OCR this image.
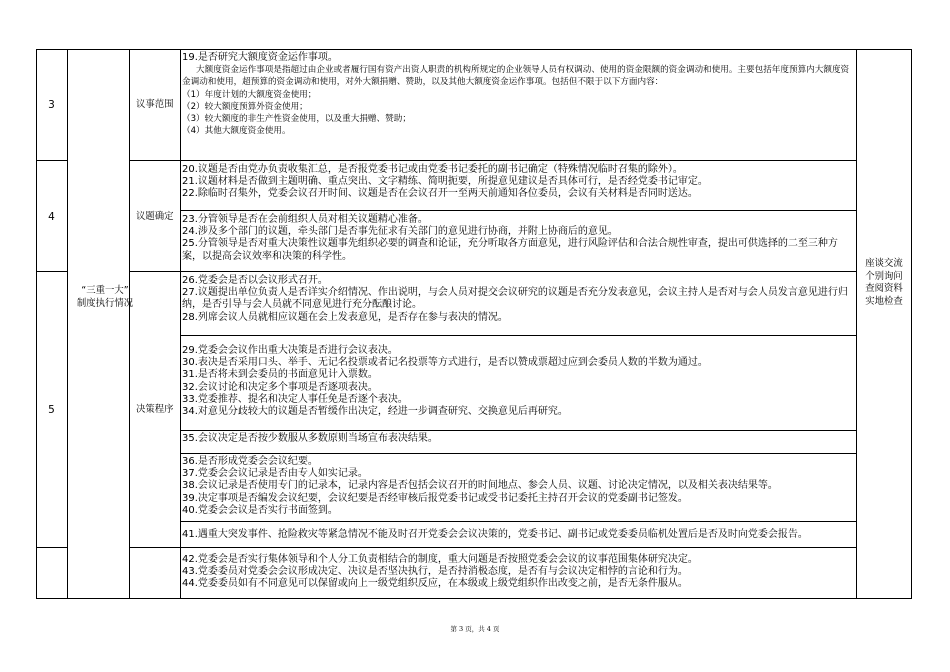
3
4
5
“三重一大”
制度执行情况
议事范围
议题确定
决策程序
座谈交流
个别询问
查阅资料
实地检查
19.是否研究大额度资金运作事项。
大额度资金运作事项是指超过由企业或者履行国有资产出资人职责的机构所规定的企业领导人员有权调动、使用的资金限额的资金调动和使用。主要包括年度预算内大额度资金调动和使用，超预算的资金调动和使用，对外大额捐赠、赞助，以及其他大额度资金运作事项。包括但不限于以下方面内容：
（1）年度计划的大额度资金使用；
（2）较大额度预算外资金使用；
（3）较大额度的非生产性资金使用，以及重大捐赠、赞助；
（4）其他大额度资金使用。
20.议题是否由党办负责收集汇总，是否报党委书记或由党委书记委托的副书记确定（特殊情况临时召集的除外）。
21.议题材料是否做到主题明确、重点突出、文字精练、简明扼要，所提意见建议是否具体可行，是否经党委书记审定。
22.除临时召集外，党委会议召开时间、议题是否在会议召开一至两天前通知各位委员，会议有关材料是否同时送达。
23.分管领导是否在会前组织人员对相关议题精心准备。
24.涉及多个部门的议题，牵头部门是否事先征求有关部门的意见进行协商，并附上协商后的意见。
25.分管领导是否对重大决策性议题事先组织必要的调查和论证，充分听取各方面意见，进行风险评估和合法合规性审查，提出可供选择的二至三种方案，以提高会议效率和决策的科学性。
26.党委会是否以会议形式召开。
27.议题提出单位负责人是否详实介绍情况、作出说明，与会人员对提交会议研究的议题是否充分发表意见，会议主持人是否对与会人员发言意见进行归纳，是否引导与会人员就不同意见进行充分酝酿讨论。
28.列席会议人员就相应议题在会上发表意见，是否存在参与表决的情况。
29.党委会会议作出重大决策是否进行会议表决。
30.表决是否采用口头、举手、无记名投票或者记名投票等方式进行，是否以赞成票超过应到会委员人数的半数为通过。
31.是否将未到会委员的书面意见计入票数。
32.会议讨论和决定多个事项是否逐项表决。
33.党委推荐、提名和决定人事任免是否逐个表决。
34.对意见分歧较大的议题是否暂缓作出决定，经进一步调查研究、交换意见后再研究。
35.会议决定是否按少数服从多数原则当场宣布表决结果。
36.是否形成党委会会议纪要。
37.党委会会议记录是否由专人如实记录。
38.会议记录是否使用专门的记录本，记录内容是否包括会议召开的时间地点、参会人员、议题、讨论决定情况，以及相关表决结果等。
39.决定事项是否编发会议纪要，会议纪要是否经审核后报党委书记或受书记委托主持召开会议的党委副书记签发。
40.党委会会议是否实行书面签到。
41.遇重大突发事件、抢险救灾等紧急情况不能及时召开党委会会议决策的，党委书记、副书记或党委委员临机处置后是否及时向党委会报告。
42.党委会是否实行集体领导和个人分工负责相结合的制度，重大问题是否按照党委会会议的议事范围集体研究决定。
43.党委委员对党委会会议形成决定、决议是否坚决执行，是否持消极态度，是否有与会议决定相悖的言论和行为。
44.党委委员如有不同意见可以保留或向上一级党组织反应，在本级或上级党组织作出改变之前，是否无条件服从。
第 3 页，共 4 页
